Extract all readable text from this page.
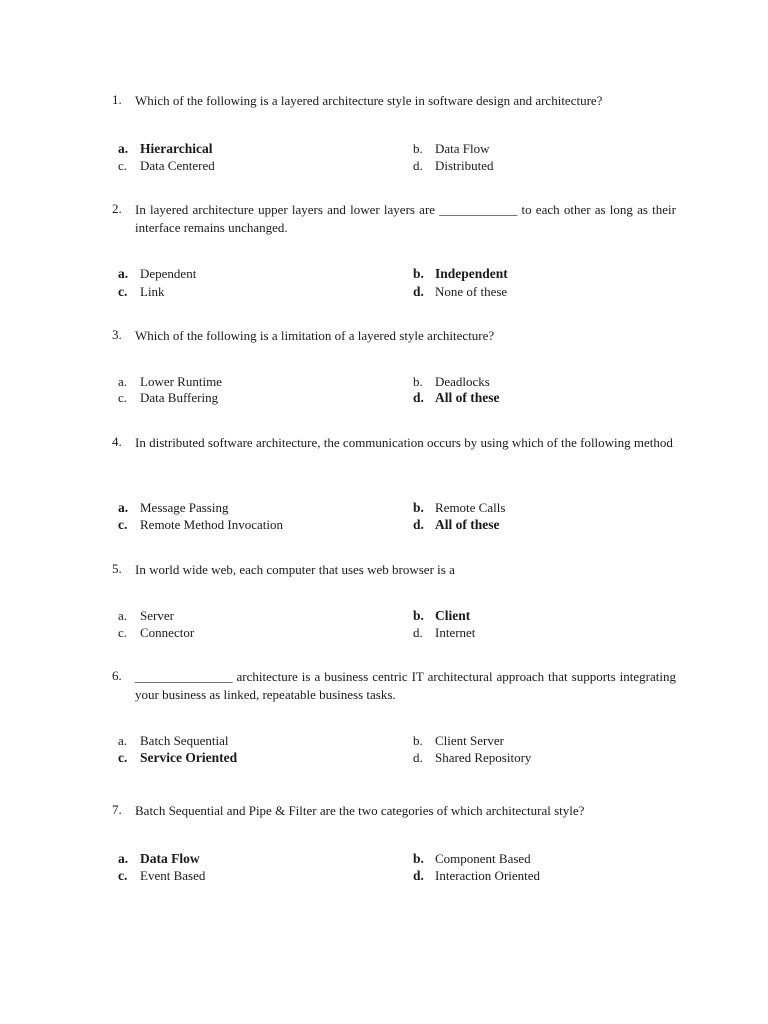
1. Which of the following is a layered architecture style in software design and architecture?
a. Hierarchical	b. Data Flow
c. Data Centered	d. Distributed
2. In layered architecture upper layers and lower layers are ____________ to each other as long as their interface remains unchanged.
a. Dependent	b. Independent
c. Link	d. None of these
3. Which of the following is a limitation of a layered style architecture?
a. Lower Runtime	b. Deadlocks
c. Data Buffering	d. All of these
4. In distributed software architecture, the communication occurs by using which of the following method
a. Message Passing	b. Remote Calls
c. Remote Method Invocation	d. All of these
5. In world wide web, each computer that uses web browser is a
a. Server	b. Client
c. Connector	d. Internet
6. _______________ architecture is a business centric IT architectural approach that supports integrating your business as linked, repeatable business tasks.
a. Batch Sequential	b. Client Server
c. Service Oriented	d. Shared Repository
7. Batch Sequential and Pipe & Filter are the two categories of which architectural style?
a. Data Flow	b. Component Based
c. Event Based	d. Interaction Oriented
